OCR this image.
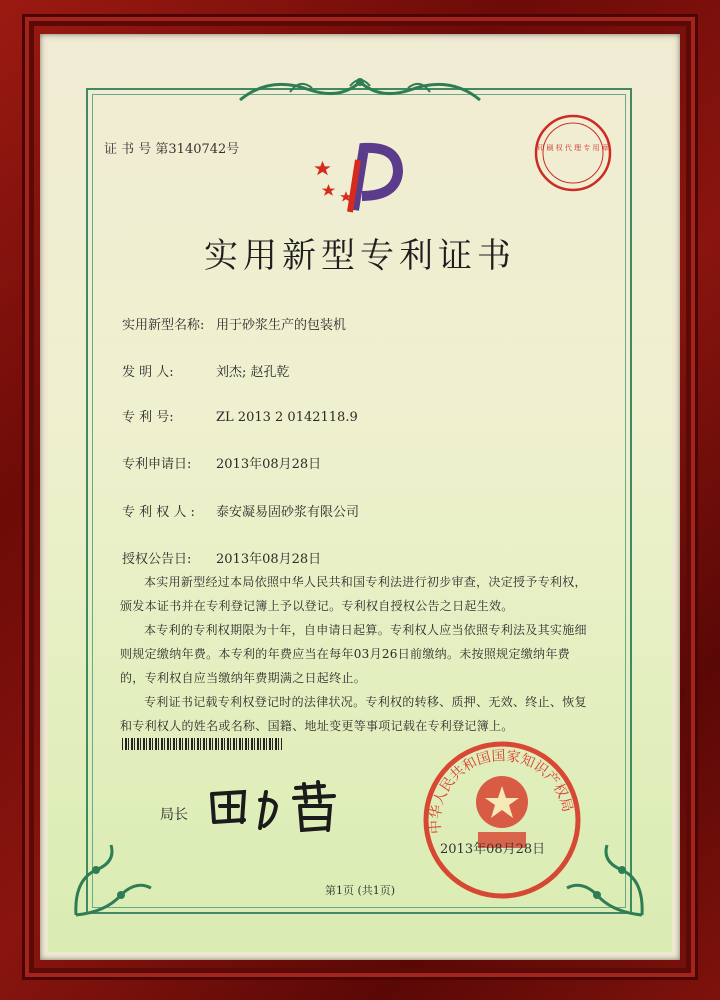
证 书 号 第3140742号	印 刷 权 代 理 专 用 章
实用新型专利证书
实用新型名称: 用于砂浆生产的包装机
发 明 人:	刘杰; 赵孔乾
专 利 号:	ZL 2013 2 0142118.9
专利申请日: 2013年08月28日
专 利 权 人 : 泰安凝易固砂浆有限公司
授权公告日: 2013年08月28日

本实用新型经过本局依照中华人民共和国专利法进行初步审查，决定授予专利权，颁发本证书并在专利登记簿上予以登记。专利权自授权公告之日起生效。

本专利的专利权期限为十年，自申请日起算。专利权人应当依照专利法及其实施细则规定缴纳年费。本专利的年费应当在每年03月26日前缴纳。未按照规定缴纳年费的，专利权自应当缴纳年费期满之日起终止。

专利证书记载专利权登记时的法律状况。专利权的转移、质押、无效、终止、恢复和专利权人的姓名或名称、国籍、地址变更等事项记载在专利登记簿上。

局长
中华人民共和国国家知识产权局
2013年08月28日
第1页 (共1页)
